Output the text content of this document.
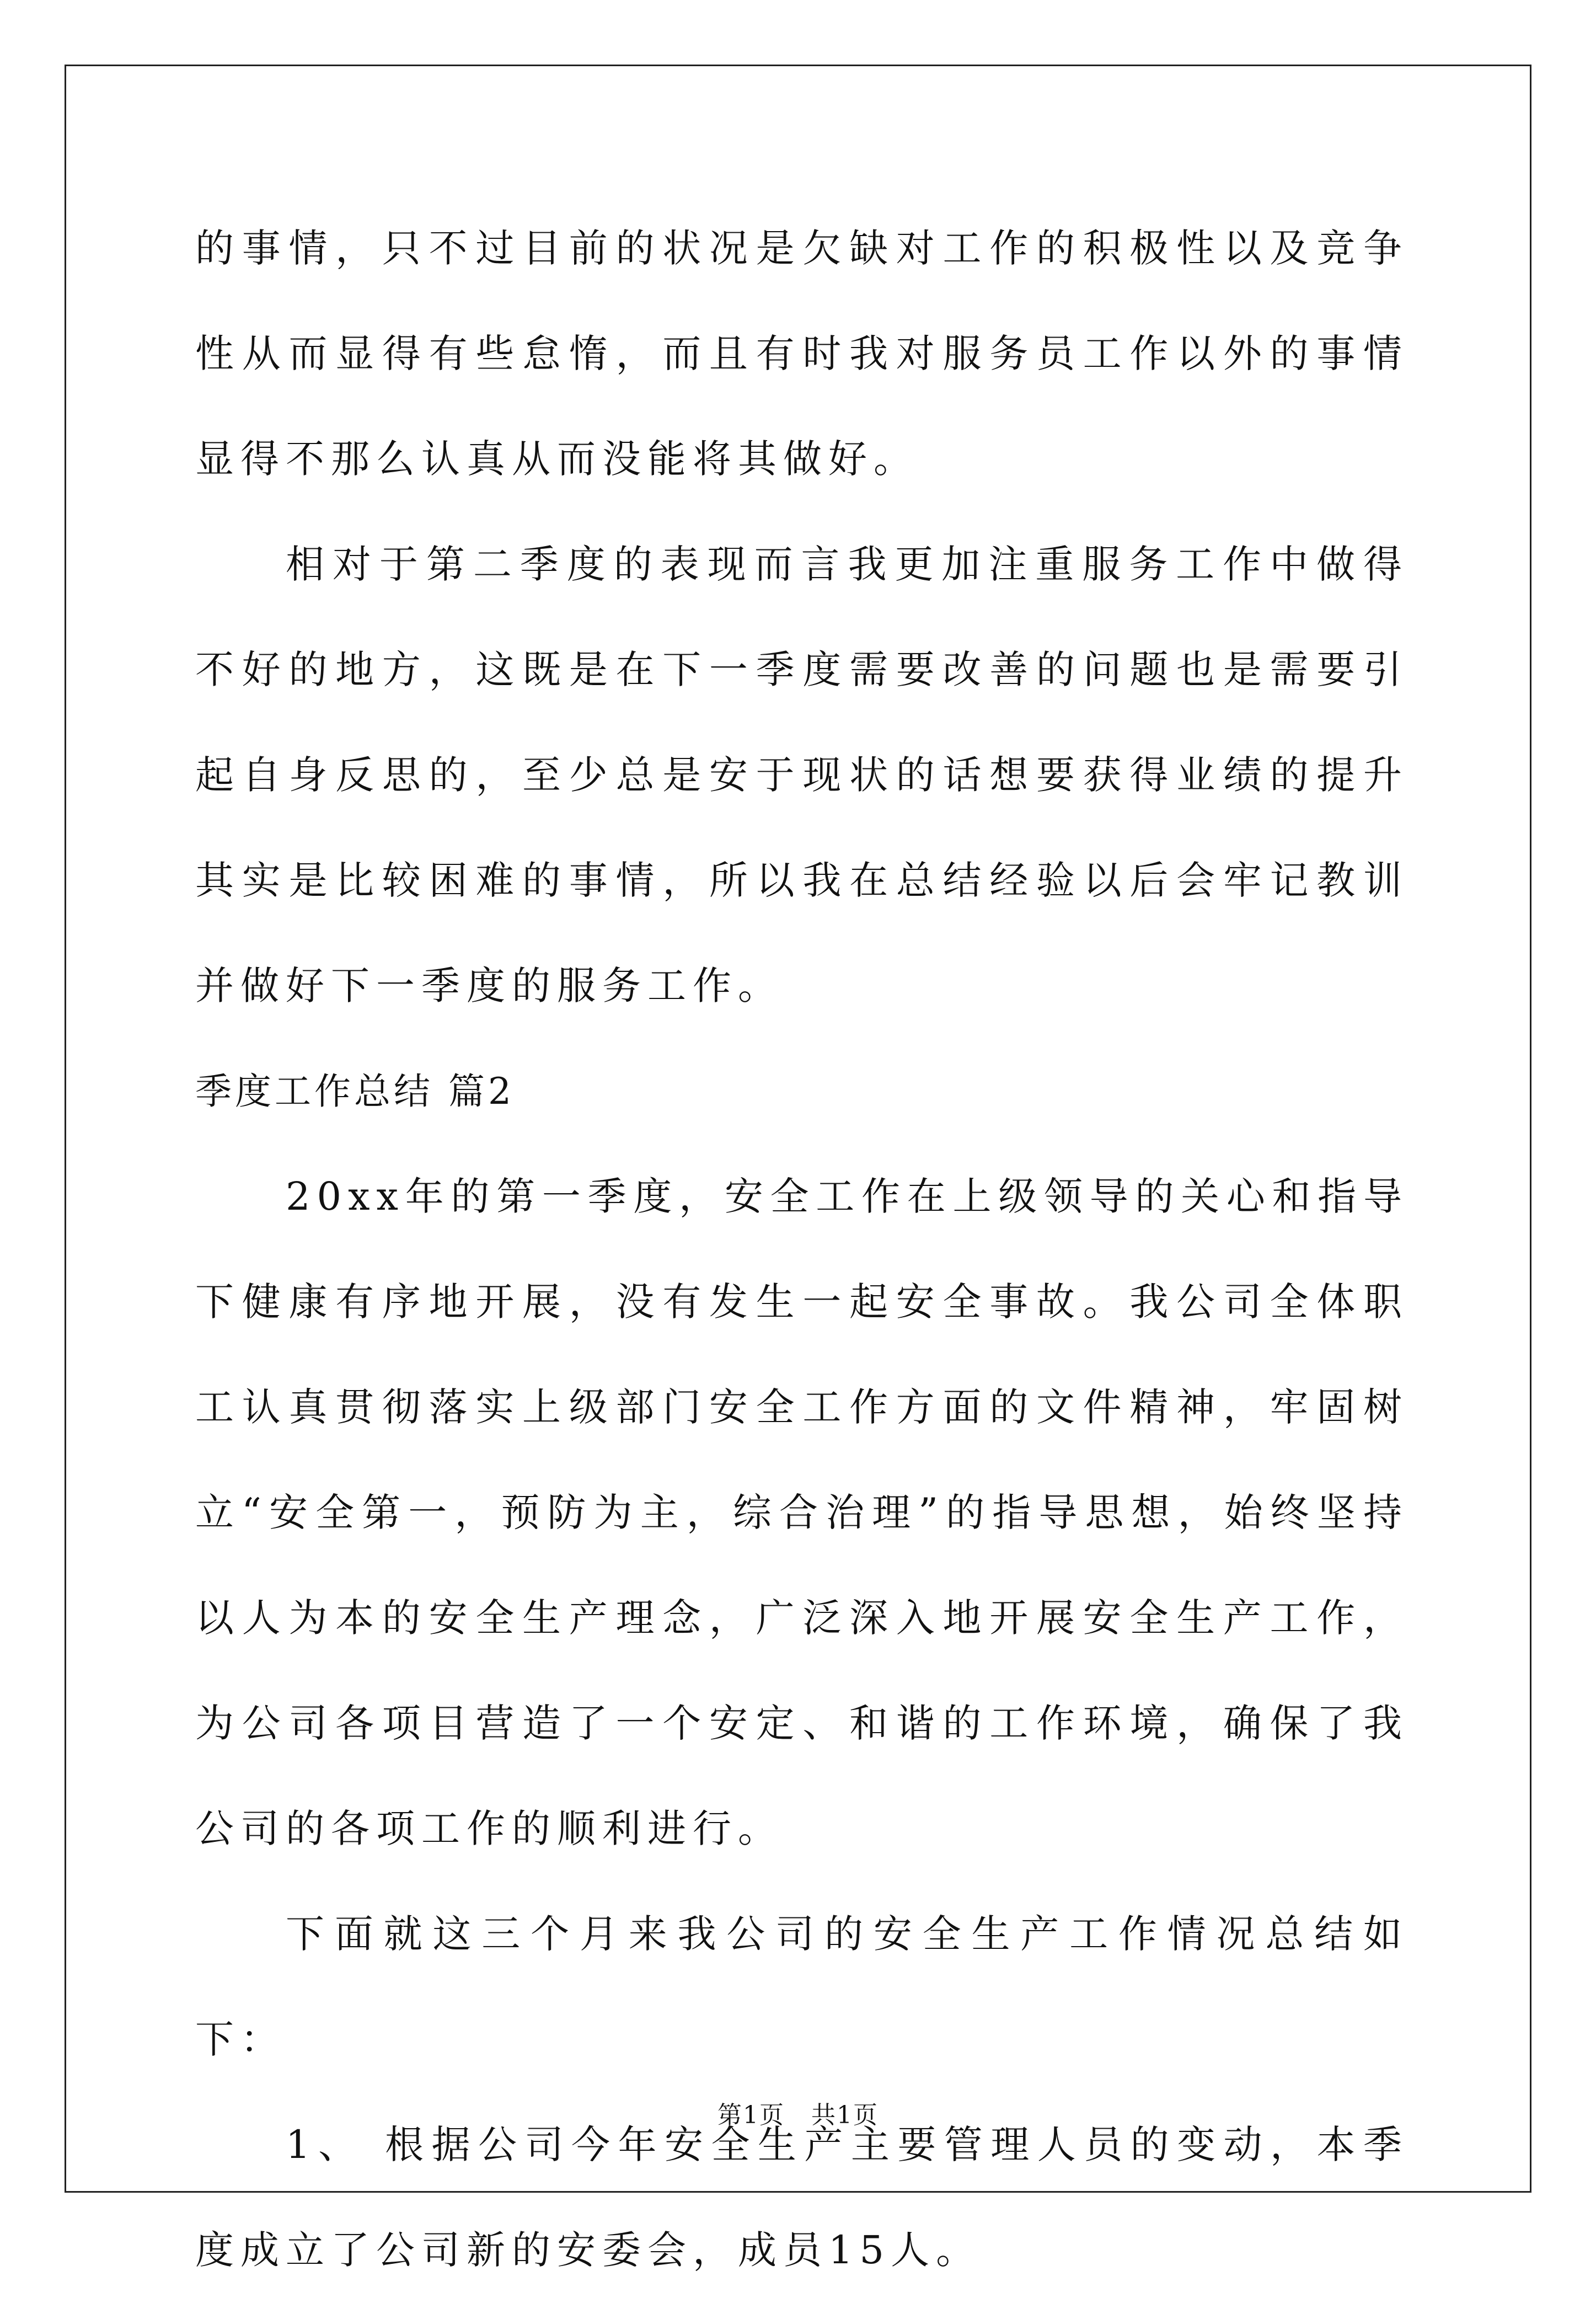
的事情，只不过目前的状况是欠缺对工作的积极性以及竞争性从而显得有些怠惰，而且有时我对服务员工作以外的事情显得不那么认真从而没能将其做好。

相对于第二季度的表现而言我更加注重服务工作中做得不好的地方，这既是在下一季度需要改善的问题也是需要引起自身反思的，至少总是安于现状的话想要获得业绩的提升其实是比较困难的事情，所以我在总结经验以后会牢记教训并做好下一季度的服务工作。

季度工作总结 篇2

20xx年的第一季度，安全工作在上级领导的关心和指导下健康有序地开展，没有发生一起安全事故。我公司全体职工认真贯彻落实上级部门安全工作方面的文件精神，牢固树立“安全第一，预防为主，综合治理”的指导思想，始终坚持以人为本的安全生产理念，广泛深入地开展安全生产工作，为公司各项目营造了一个安定、和谐的工作环境，确保了我公司的各项工作的顺利进行。

下面就这三个月来我公司的安全生产工作情况总结如下：

1、 根据公司今年安全生产主要管理人员的变动，本季度成立了公司新的安委会，成员15人。

第1页 共1页
